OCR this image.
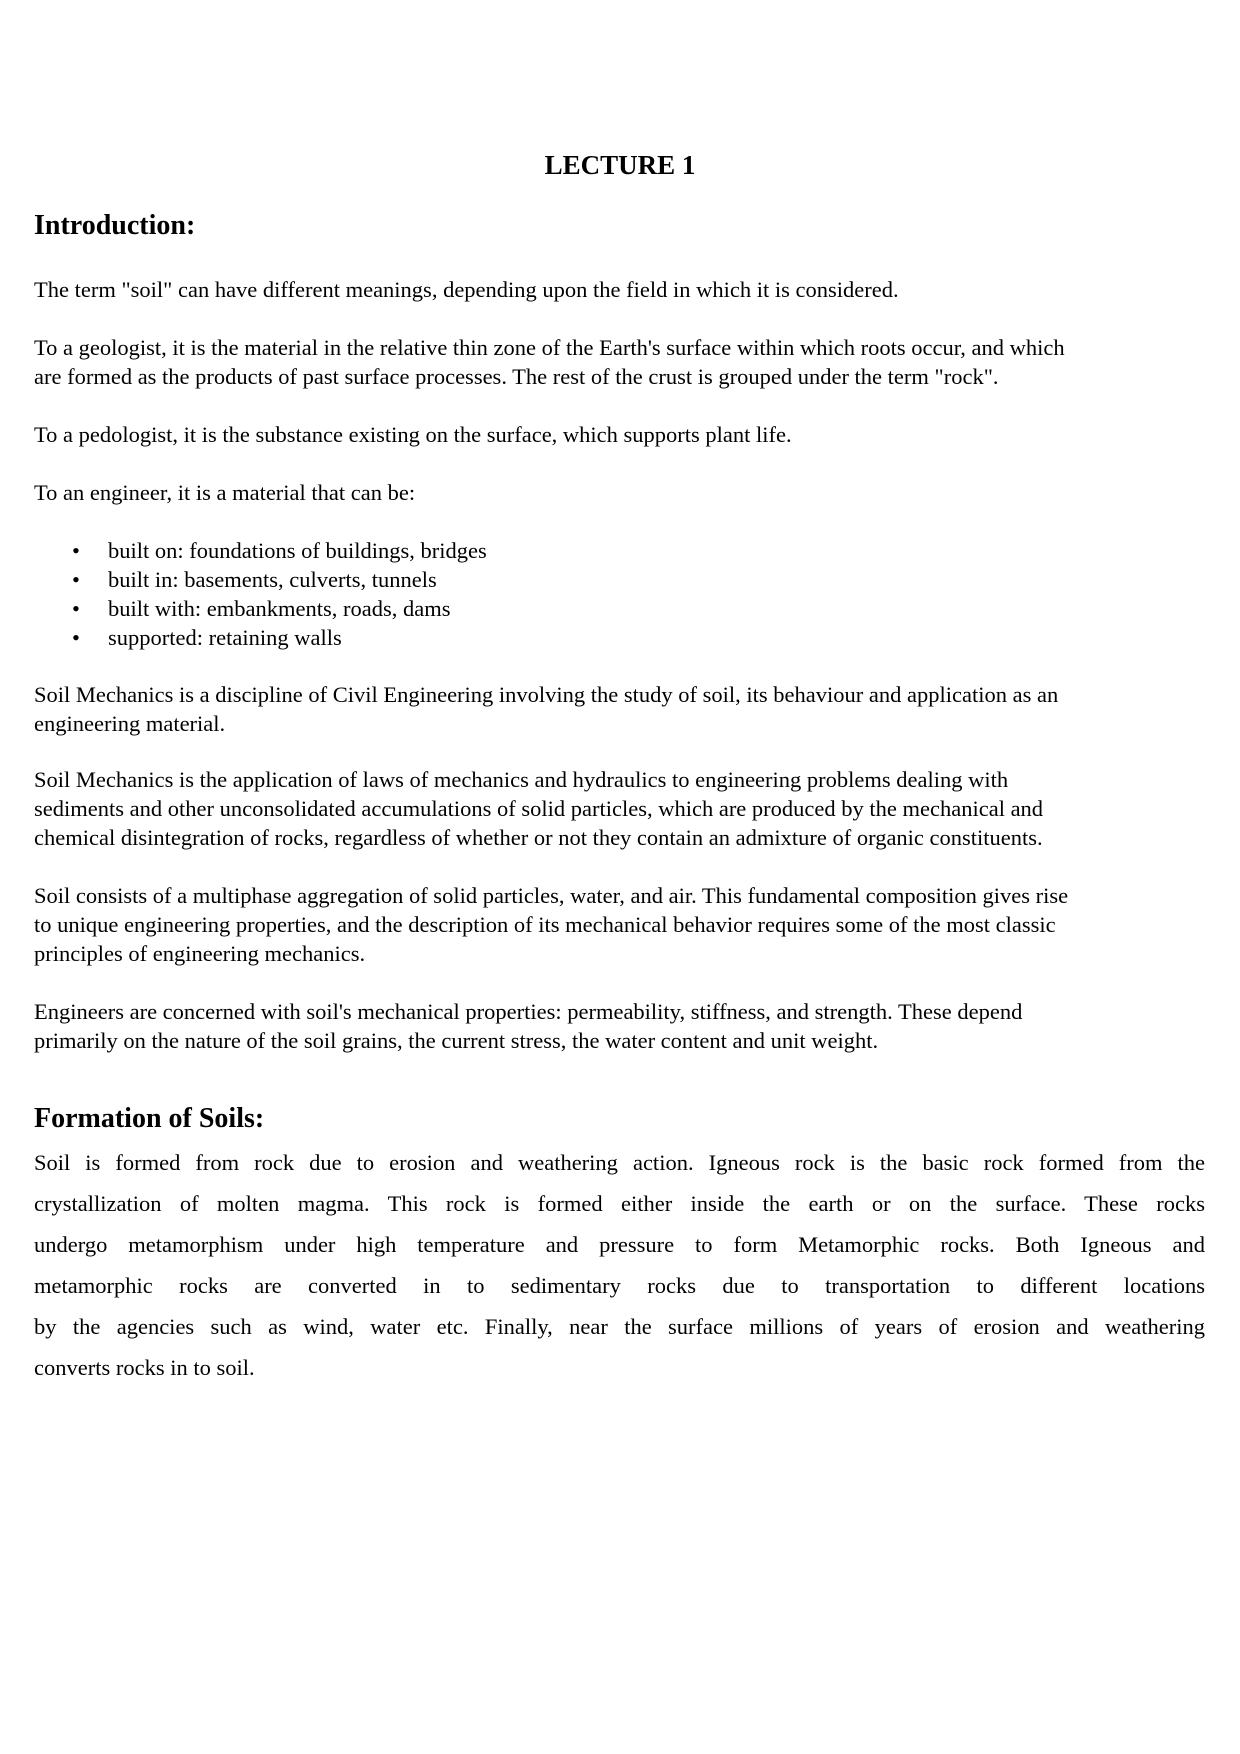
LECTURE 1
Introduction:
The term "soil" can have different meanings, depending upon the field in which it is considered.
To a geologist, it is the material in the relative thin zone of the Earth's surface within which roots occur, and which
are formed as the products of past surface processes. The rest of the crust is grouped under the term "rock".
To a pedologist, it is the substance existing on the surface, which supports plant life.
To an engineer, it is a material that can be:
• built on: foundations of buildings, bridges
• built in: basements, culverts, tunnels
• built with: embankments, roads, dams
• supported: retaining walls
Soil Mechanics is a discipline of Civil Engineering involving the study of soil, its behaviour and application as an
engineering material.
Soil Mechanics is the application of laws of mechanics and hydraulics to engineering problems dealing with
sediments and other unconsolidated accumulations of solid particles, which are produced by the mechanical and
chemical disintegration of rocks, regardless of whether or not they contain an admixture of organic constituents.
Soil consists of a multiphase aggregation of solid particles, water, and air. This fundamental composition gives rise
to unique engineering properties, and the description of its mechanical behavior requires some of the most classic
principles of engineering mechanics.
Engineers are concerned with soil's mechanical properties: permeability, stiffness, and strength. These depend
primarily on the nature of the soil grains, the current stress, the water content and unit weight.
Formation of Soils:
Soil is formed from rock due to erosion and weathering action. Igneous rock is the basic rock formed from the
crystallization of molten magma. This rock is formed either inside the earth or on the surface. These rocks
undergo metamorphism under high temperature and pressure to form Metamorphic rocks. Both Igneous and
metamorphic rocks are converted in to sedimentary rocks due to transportation to different locations
by the agencies such as wind, water etc. Finally, near the surface millions of years of erosion and weathering
converts rocks in to soil.
